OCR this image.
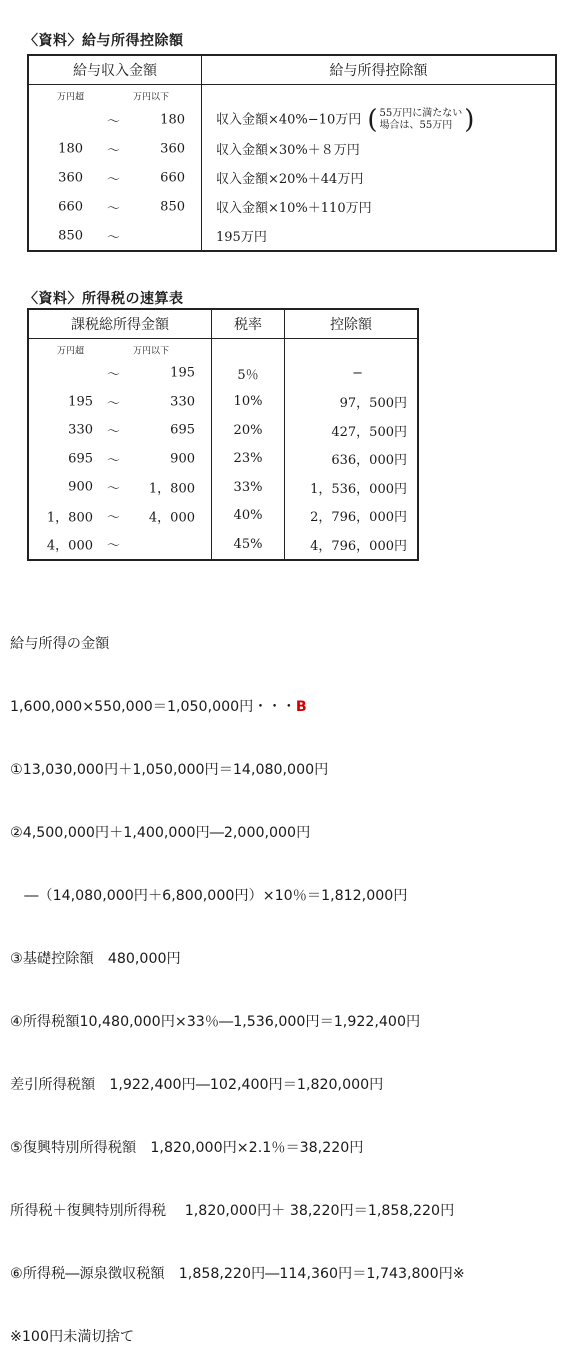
〈資料〉給与所得控除額
給与収入金額	給与所得控除額

万円超 万円以下	

〜 180	収入金額×40%−10万円 ( 55万円に満たない
場合は、55万円 )

180 〜 360	収入金額×30%＋８万円

360 〜 660	収入金額×20%＋44万円

660 〜 850	収入金額×10%＋110万円

850 〜	195万円
〈資料〉所得税の速算表
課税総所得金額	税率	控除額

万円超 万円以下		

〜 195	5％	−

195 〜 330	10%	97，500円

330 〜 695	20%	427，500円

695 〜 900	23%	636，000円

900 〜 1，800	33%	1，536，000円

1，800 〜 4，000	40%	2，796，000円

4，000 〜	45%	4，796，000円

給与所得の金額

1,600,000×550,000＝1,050,000円・・・B

①13,030,000円＋1,050,000円＝14,080,000円

②4,500,000円＋1,400,000円―2,000,000円

　―（14,080,000円＋6,800,000円）×10％＝1,812,000円

③基礎控除額　480,000円

④所得税額10,480,000円×33％―1,536,000円＝1,922,400円

差引所得税額　1,922,400円―102,400円＝1,820,000円

⑤復興特別所得税額　1,820,000円×2.1％＝38,220円

所得税＋復興特別所得税　 1,820,000円＋ 38,220円＝1,858,220円

⑥所得税―源泉徴収税額　1,858,220円―114,360円＝1,743,800円※

※100円未満切捨て
